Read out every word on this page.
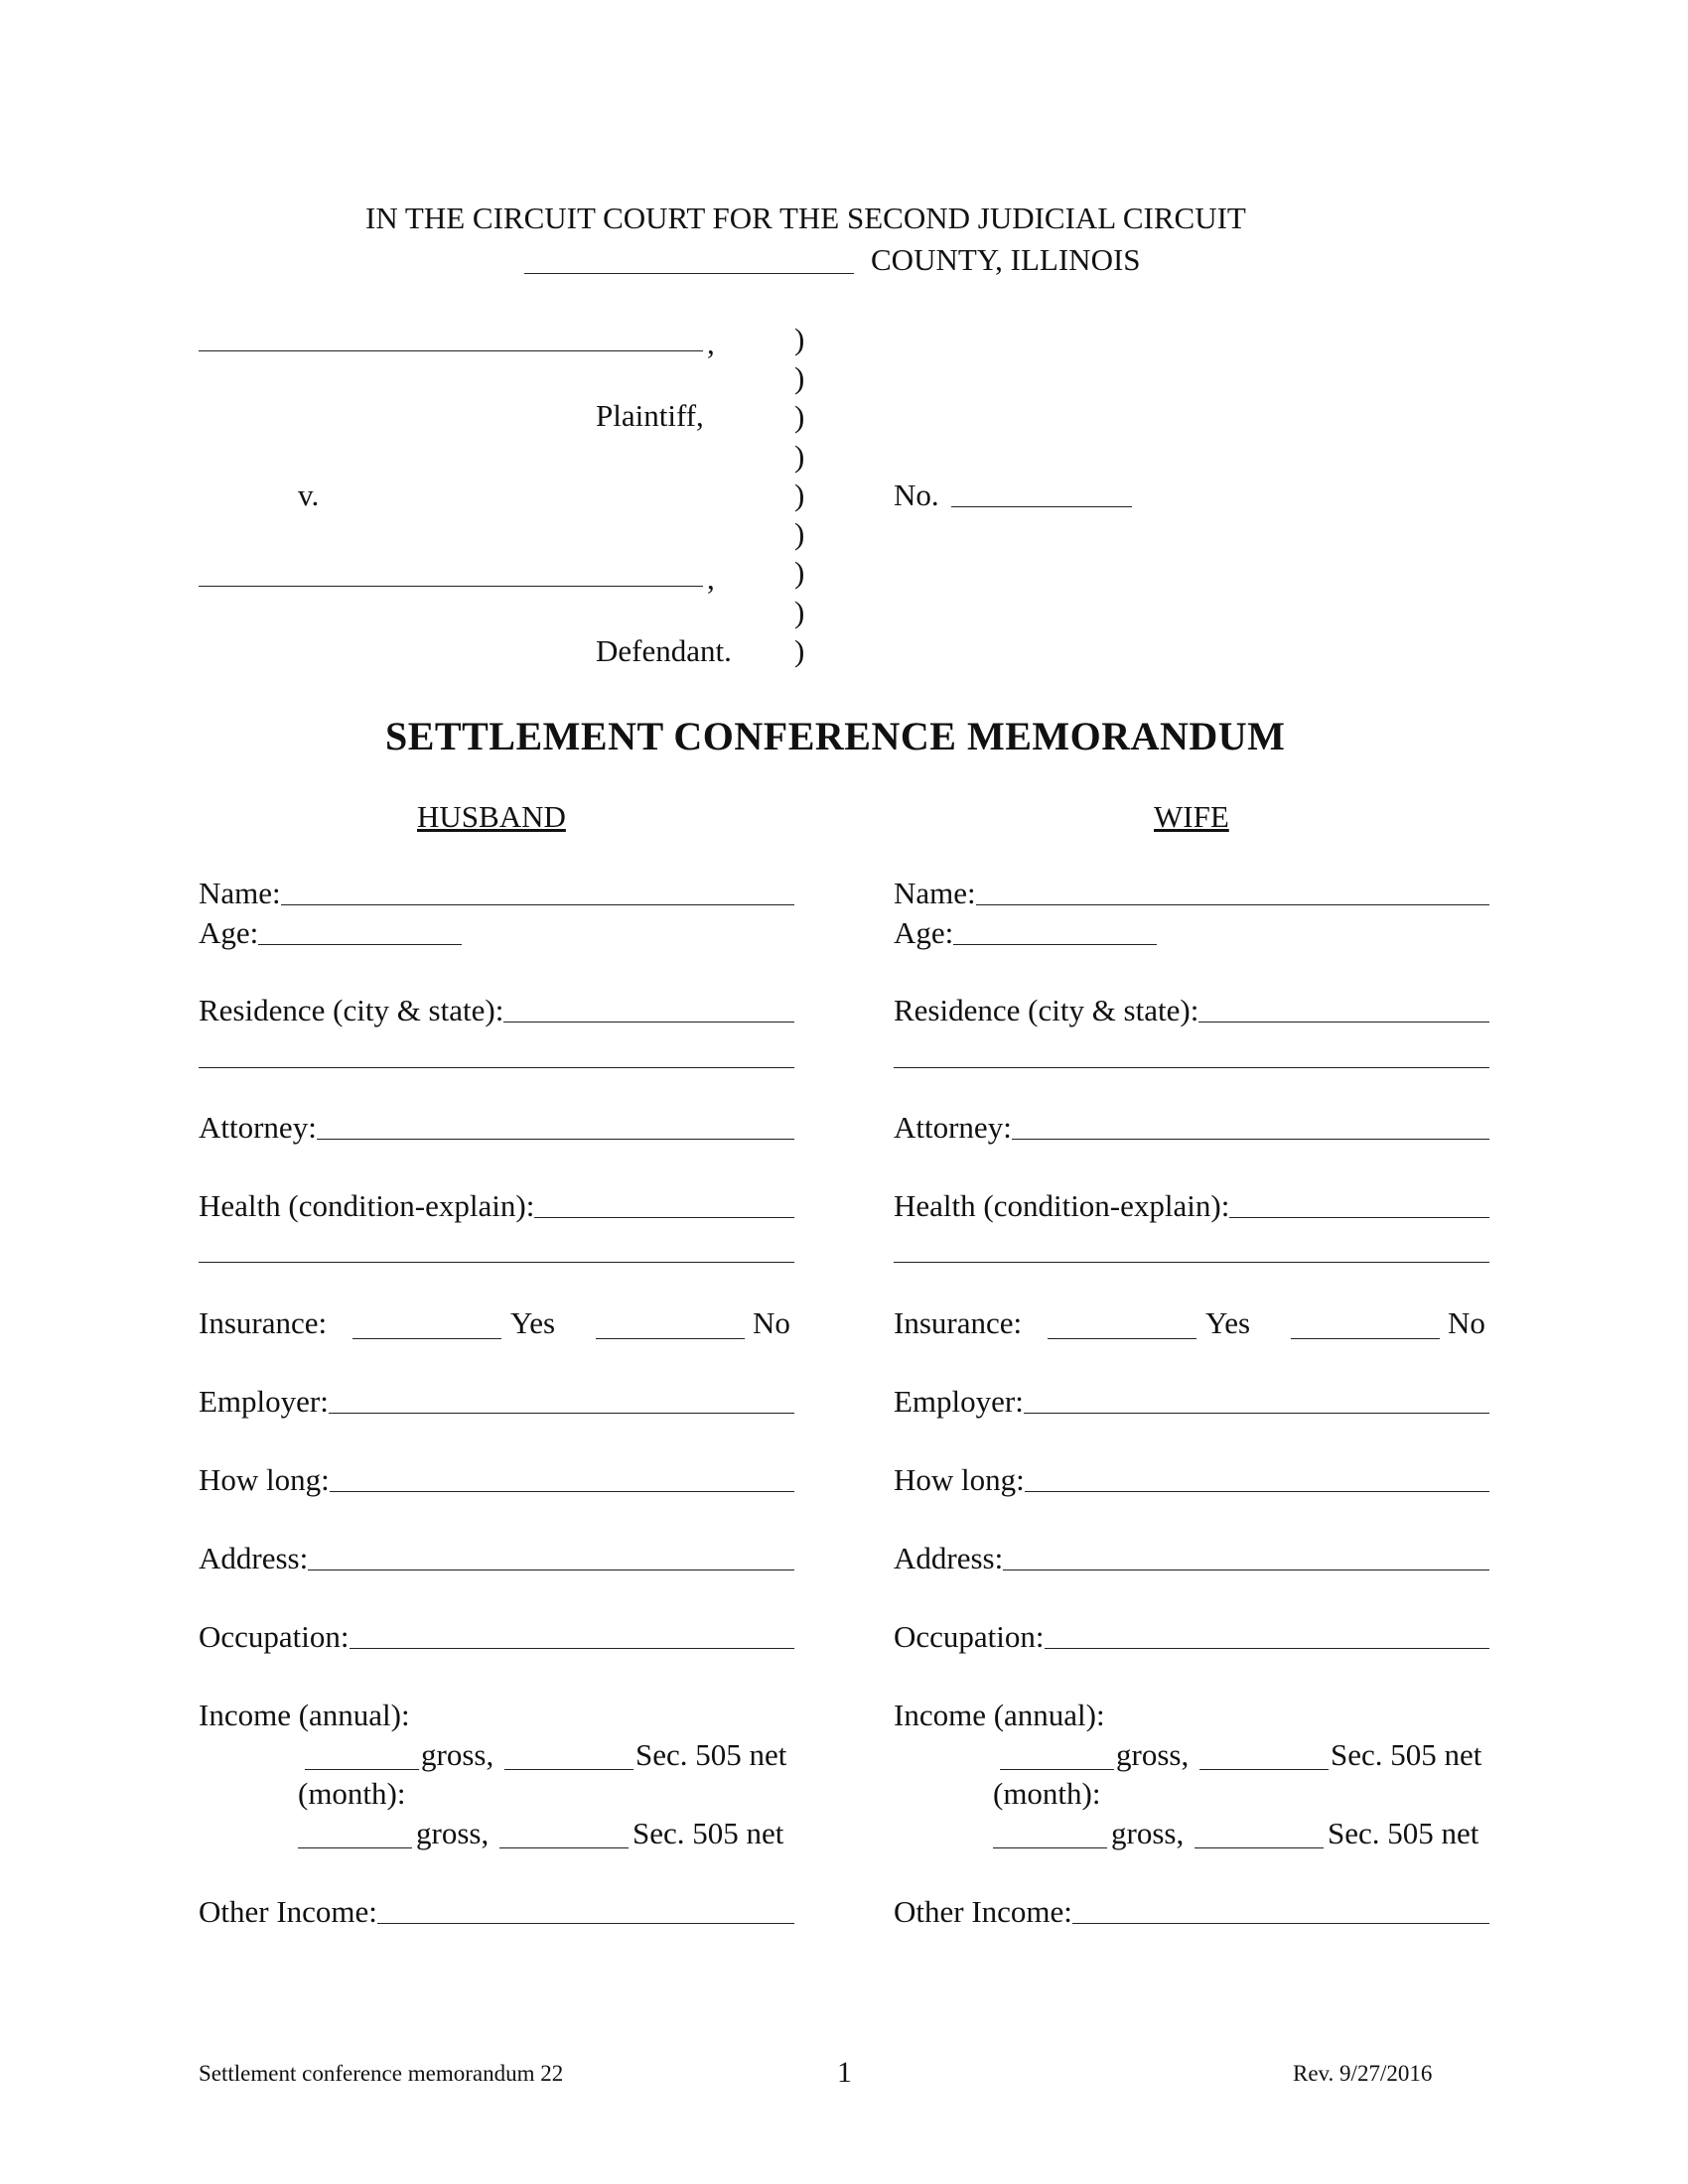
IN THE CIRCUIT COURT FOR THE SECOND JUDICIAL CIRCUIT
COUNTY, ILLINOIS
,
Plaintiff,
v.
,
Defendant.
)
)
)
)
)
)
)
)
)
No.
SETTLEMENT CONFERENCE MEMORANDUM
HUSBAND	WIFE
Name:
Age:
Residence (city & state):
Attorney:
Health (condition-explain):
Insurance:	Yes	No
Employer:
How long:
Address:
Occupation:
Income (annual):
gross,	Sec. 505 net
(month):
gross,	Sec. 505 net
Other Income:
Name:
Age:
Residence (city & state):
Attorney:
Health (condition-explain):
Insurance:	Yes	No
Employer:
How long:
Address:
Occupation:
Income (annual):
gross,	Sec. 505 net
(month):
gross,	Sec. 505 net
Other Income:
Settlement conference memorandum 22	1	Rev. 9/27/2016
